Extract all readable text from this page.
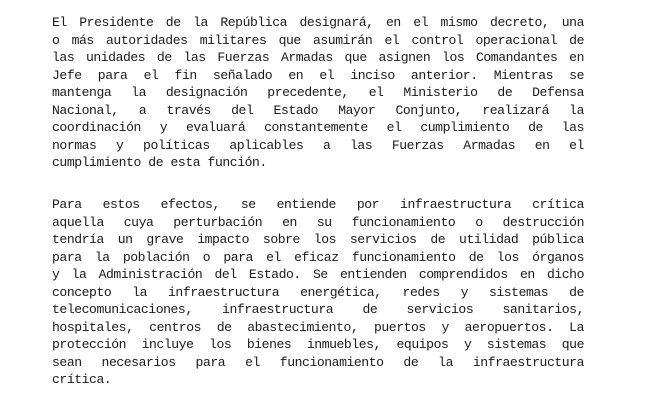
El Presidente de la República designará, en el mismo decreto, una
o más autoridades militares que asumirán el control operacional de
las unidades de las Fuerzas Armadas que asignen los Comandantes en
Jefe para el fin señalado en el inciso anterior. Mientras se
mantenga la designación precedente, el Ministerio de Defensa
Nacional, a través del Estado Mayor Conjunto, realizará la
coordinación y evaluará constantemente el cumplimiento de las
normas y políticas aplicables a las Fuerzas Armadas en el
cumplimiento de esta función.

Para estos efectos, se entiende por infraestructura crítica
aquella cuya perturbación en su funcionamiento o destrucción
tendría un grave impacto sobre los servicios de utilidad pública
para la población o para el eficaz funcionamiento de los órganos
y la Administración del Estado. Se entienden comprendidos en dicho
concepto la infraestructura energética, redes y sistemas de
telecomunicaciones, infraestructura de servicios sanitarios,
hospitales, centros de abastecimiento, puertos y aeropuertos. La
protección incluye los bienes inmuebles, equipos y sistemas que
sean necesarios para el funcionamiento de la infraestructura
crítica.
